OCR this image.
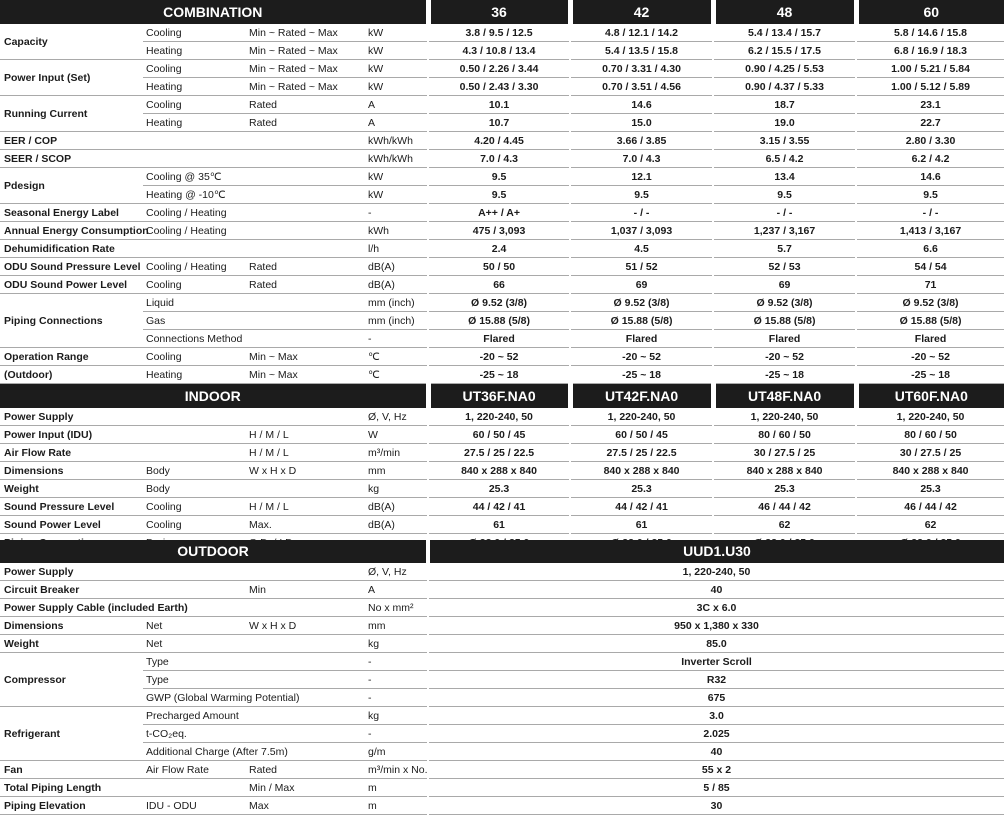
COMBINATION				36	42	48	60
Capacity	Cooling	Min ~ Rated ~ Max	kW	3.8 / 9.5 / 12.5	4.8 / 12.1 / 14.2	5.4 / 13.4 / 15.7	5.8 / 14.6 / 15.8
	Heating	Min ~ Rated ~ Max	kW	4.3 / 10.8 / 13.4	5.4 / 13.5 / 15.8	6.2 / 15.5 / 17.5	6.8 / 16.9 / 18.3
Power Input (Set)	Cooling	Min ~ Rated ~ Max	kW	0.50 / 2.26 / 3.44	0.70 / 3.31 / 4.30	0.90 / 4.25 / 5.53	1.00 / 5.21 / 5.84
	Heating	Min ~ Rated ~ Max	kW	0.50 / 2.43 / 3.30	0.70 / 3.51 / 4.56	0.90 / 4.37 / 5.33	1.00 / 5.12 / 5.89
Running Current	Cooling	Rated	A	10.1	14.6	18.7	23.1
	Heating	Rated	A	10.7	15.0	19.0	22.7
EER / COP			kWh/kWh	4.20 / 4.45	3.66 / 3.85	3.15 / 3.55	2.80 / 3.30
SEER / SCOP			kWh/kWh	7.0 / 4.3	7.0 / 4.3	6.5 / 4.2	6.2 / 4.2
Pdesign	Cooling @ 35℃		kW	9.5	12.1	13.4	14.6
	Heating @ -10℃		kW	9.5	9.5	9.5	9.5
Seasonal Energy Label	Cooling / Heating		-	A++ / A+	- / -	- / -	- / -
Annual Energy Consumption	Cooling / Heating		kWh	475 / 3,093	1,037 / 3,093	1,237 / 3,167	1,413 / 3,167
Dehumidification Rate			l/h	2.4	4.5	5.7	6.6
ODU Sound Pressure Level	Cooling / Heating	Rated	dB(A)	50 / 50	51 / 52	52 / 53	54 / 54
ODU Sound Power Level	Cooling	Rated	dB(A)	66	69	69	71
Piping Connections	Liquid		mm (inch)	Ø 9.52 (3/8)	Ø 9.52 (3/8)	Ø 9.52 (3/8)	Ø 9.52 (3/8)
	Gas		mm (inch)	Ø 15.88 (5/8)	Ø 15.88 (5/8)	Ø 15.88 (5/8)	Ø 15.88 (5/8)
	Connections Method		-	Flared	Flared	Flared	Flared
Operation Range	Cooling	Min ~ Max	℃	-20 ~ 52	-20 ~ 52	-20 ~ 52	-20 ~ 52
(Outdoor)	Heating	Min ~ Max	℃	-25 ~ 18	-25 ~ 18	-25 ~ 18	-25 ~ 18
INDOOR				UT36F.NA0	UT42F.NA0	UT48F.NA0	UT60F.NA0
Power Supply			Ø, V, Hz	1, 220-240, 50	1, 220-240, 50	1, 220-240, 50	1, 220-240, 50
Power Input (IDU)		H / M / L	W	60 / 50 / 45	60 / 50 / 45	80 / 60 / 50	80 / 60 / 50
Air Flow Rate		H / M / L	m³/min	27.5 / 25 / 22.5	27.5 / 25 / 22.5	30 / 27.5 / 25	30 / 27.5 / 25
Dimensions	Body	W x H x D	mm	840 x 288 x 840	840 x 288 x 840	840 x 288 x 840	840 x 288 x 840
Weight	Body		kg	25.3	25.3	25.3	25.3
Sound Pressure Level	Cooling	H / M / L	dB(A)	44 / 42 / 41	44 / 42 / 41	46 / 44 / 42	46 / 44 / 42
Sound Power Level	Cooling	Max.	dB(A)	61	61	62	62

OUTDOOR				UUD1.U30
Power Supply			Ø, V, Hz	1, 220-240, 50
Circuit Breaker		Min	A	40
Power Supply Cable (included Earth)			No x mm²	3C x 6.0
Dimensions	Net	W x H x D	mm	950 x 1,380 x 330
Weight	Net		kg	85.0
Compressor	Type		-	Inverter Scroll
	Type		-	R32
	GWP (Global Warming Potential)		-	675
Refrigerant	Precharged Amount		kg	3.0
	t-CO₂eq.		-	2.025
	Additional Charge (After 7.5m)		g/m	40
Fan	Air Flow Rate	Rated	m³/min x No.	55 x 2
Total Piping Length		Min / Max	m	5 / 85
Piping Elevation	IDU - ODU	Max	m	30
